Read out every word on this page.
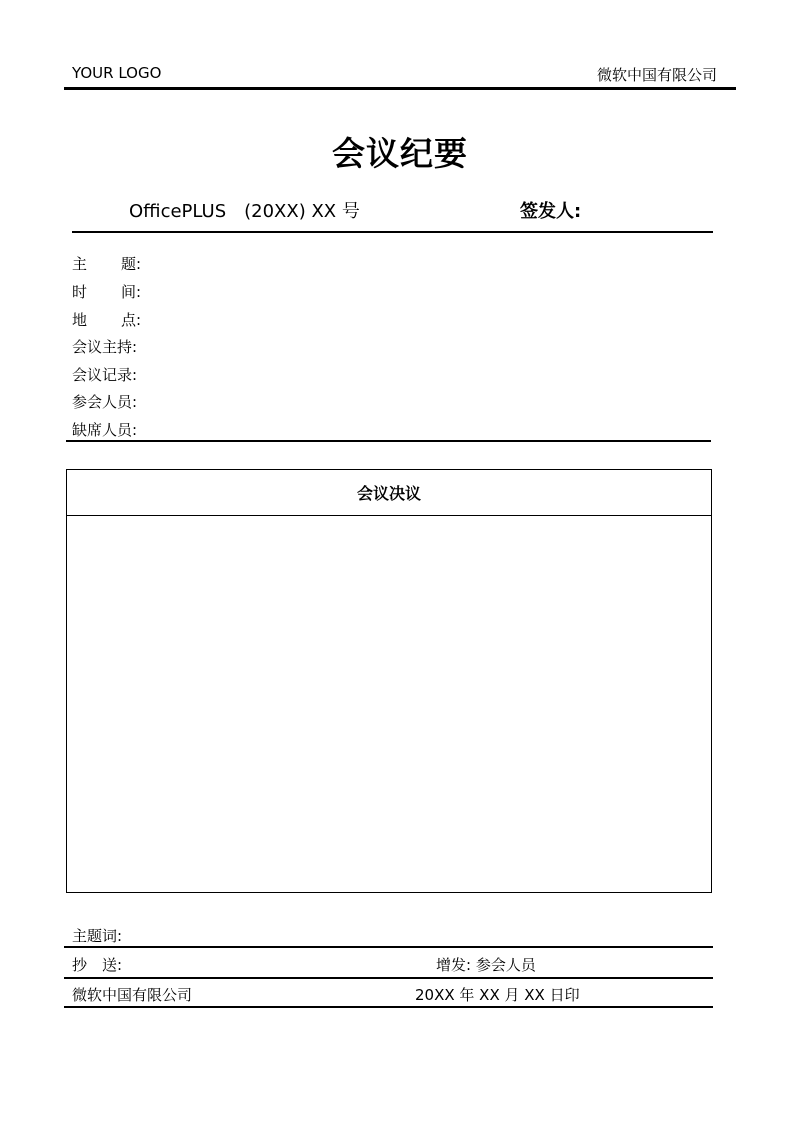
YOUR LOGO	微软中国有限公司
会议纪要
OfficePLUS　(20XX) XX 号	签发人:
主　题:
时　间:
地　点:
会议主持:
会议记录:
参会人员:
缺席人员:
会议决议
主题词:
抄　送:	增发: 参会人员
微软中国有限公司	20XX 年 XX 月 XX 日印
